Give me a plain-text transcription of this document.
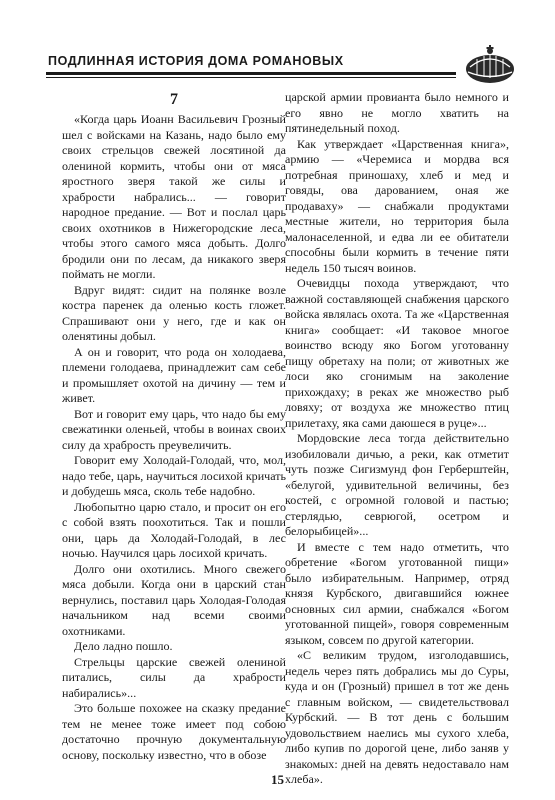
ПОДЛИННАЯ ИСТОРИЯ ДОМА РОМАНОВЫХ
7

«Когда царь Иоанн Васильевич Грозный шел с войсками на Казань, надо было ему своих стрельцов свежей лосятиной да олениной кормить, чтобы они от мяса яростного зверя такой же силы и храбрости набрались... — говорит народное предание. — Вот и послал царь своих охотников в Нижегородские леса, чтобы этого самого мяса добыть. Долго бродили они по лесам, да никакого зверя поймать не могли.

Вдруг видят: сидит на полянке возле костра паренек да оленью кость гложет. Спрашивают они у него, где и как он оленятины добыл.

А он и говорит, что рода он холодаева, племени голодаева, принадлежит сам себе и промышляет охотой на дичину — тем и живет.

Вот и говорит ему царь, что надо бы ему свежатинки оленьей, чтобы в воинах своих силу да храбрость преувеличить.

Говорит ему Холодай-Голодай, что, мол, надо тебе, царь, научиться лосихой кричать и добудешь мяса, сколь тебе надобно.

Любопытно царю стало, и просит он его с собой взять поохотиться. Так и пошли они, царь да Холодай-Голодай, в лес ночью. Научился царь лосихой кричать.

Долго они охотились. Много свежего мяса добыли. Когда они в царский стан вернулись, поставил царь Холодая-Голодая начальником над всеми своими охотниками.

Дело ладно пошло.

Стрельцы царские свежей олениной питались, силы да храбрости набирались»...

Это больше похожее на сказку предание тем не менее тоже имеет под собою достаточно прочную документальную основу, поскольку известно, что в обозе

царской армии провианта было немного и его явно не могло хватить на пятинедельный поход.

Как утверждает «Царственная книга», армию — «Черемиса и мордва вся потребная приношаху, хлеб и мед и говяды, ова дарованием, оная же продавахy» — снабжали продуктами местные жители, но территория была малонаселенной, и едва ли ее обитатели способны были кормить в течение пяти недель 150 тысяч воинов.

Очевидцы похода утверждают, что важной составляющей снабжения царского войска являлась охота. Та же «Царственная книга» сообщает: «И таковое многое воинство всюду яко Богом уготованну пищу обретаху на поли; от животных же лоси яко сгонимым на заколение прихождаху; в реках же множество рыб ловяху; от воздуха же множество птиц прилетаху, яка сами даюшеся в руце»...

Мордовские леса тогда действительно изобиловали дичью, а реки, как отметит чуть позже Сигизмунд фон Герберштейн, «белугой, удивительной величины, без костей, с огромной головой и пастью; стерлядью, севрюгой, осетром и белорыбицей»...

И вместе с тем надо отметить, что обретение «Богом уготованной пищи» было избирательным. Например, отряд князя Курбского, двигавшийся южнее основных сил армии, снабжался «Богом уготованной пищей», говоря современным языком, совсем по другой категории.

«С великим трудом, изголодавшись, недель через пять добрались мы до Суры, куда и он (Грозный) пришел в тот же день с главным войском, — свидетельствовал Курбский. — В тот день с большим удовольствием наелись мы сухого хлеба, либо купив по дорогой цене, либо заняв у знакомых: дней на девять недоставало нам хлеба».

15
